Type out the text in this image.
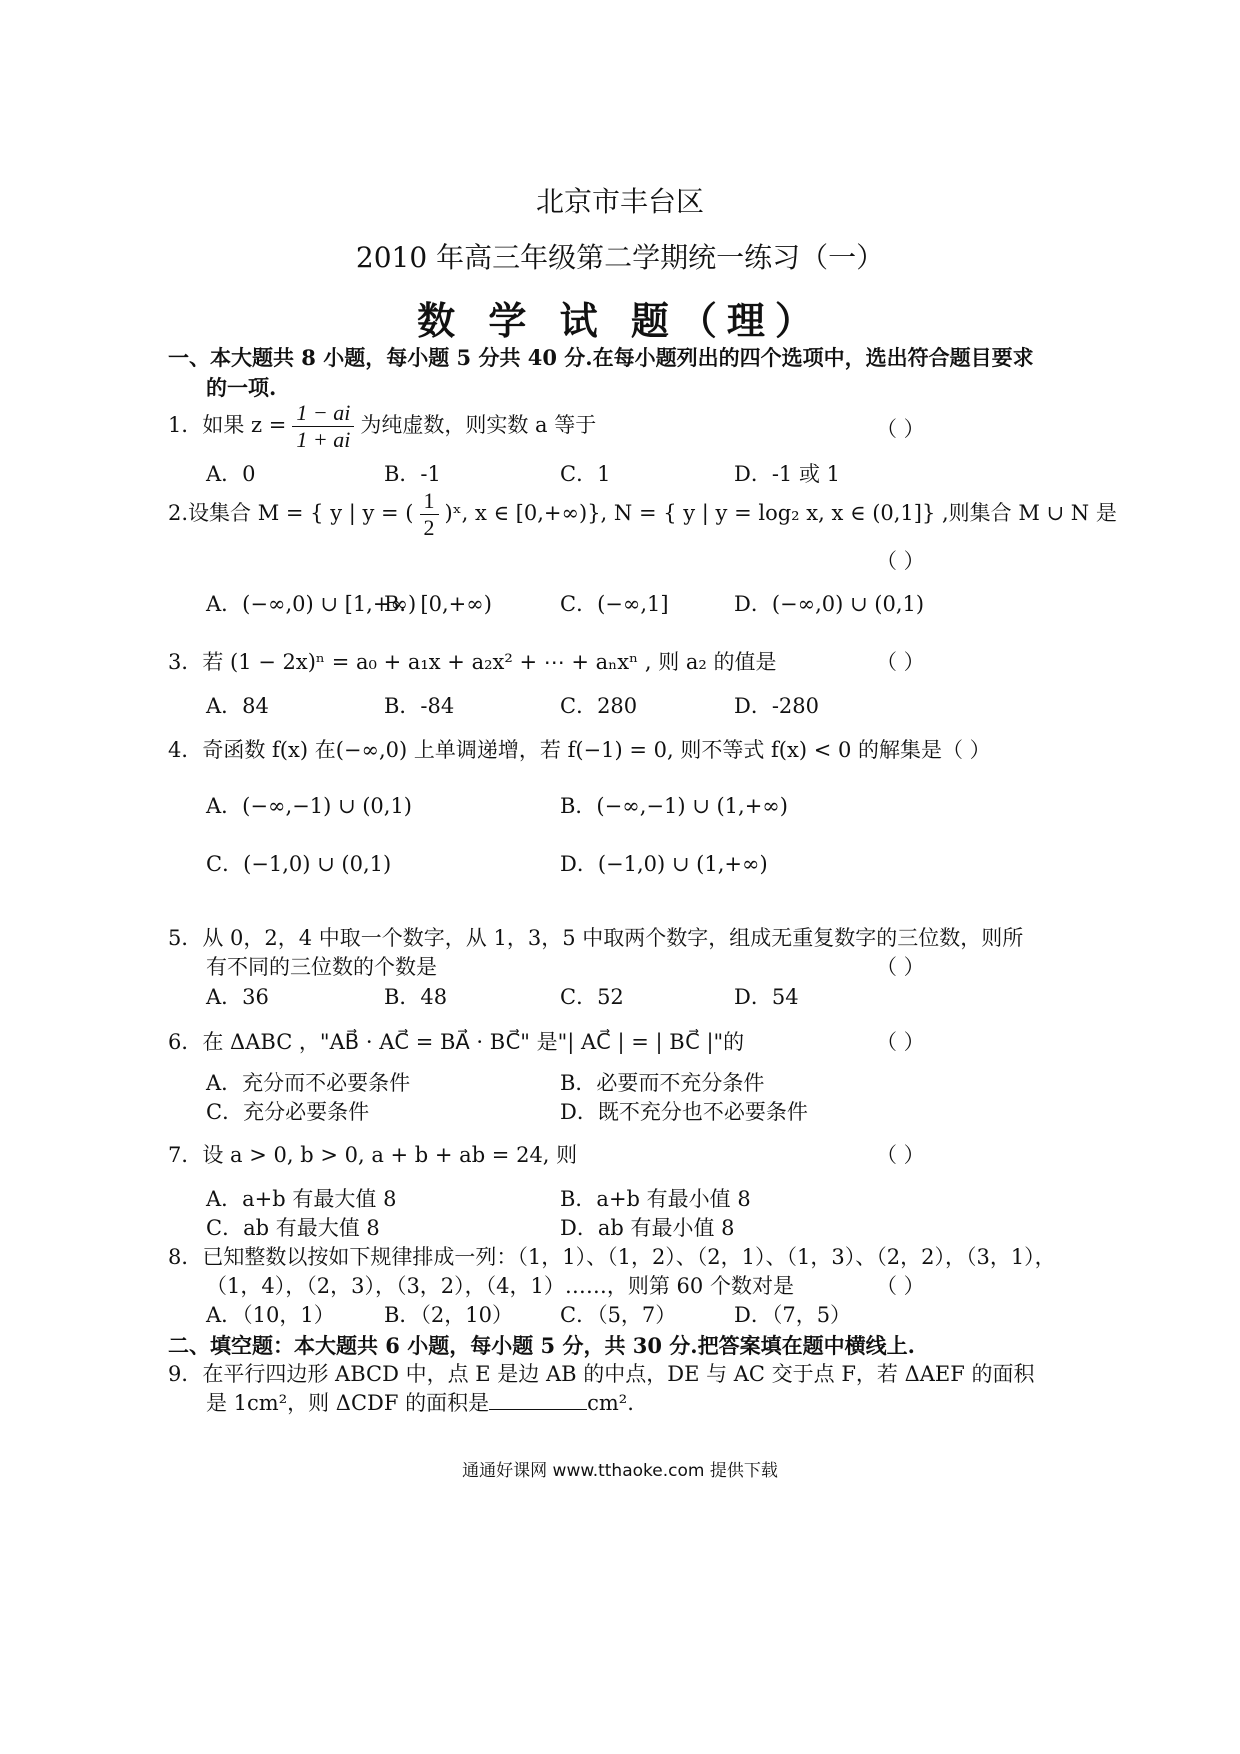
北京市丰台区
2010 年高三年级第二学期统一练习（一）
数 学 试 题（理）
一、本大题共 8 小题，每小题 5 分共 40 分.在每小题列出的四个选项中，选出符合题目要求
的一项.
1．如果 $z = \frac{1 - ai}{1 + ai}$ 为纯虚数，则实数 a 等于	（ ）
A．0	B．-1	C．1	D．-1 或 1
2.设集合 M = { y | y = ( $\frac{1}{2}$ )ˣ, x ∈ [0,+∞)}, N = { y | y = log₂ x, x ∈ (0,1]} ,则集合 M ∪ N 是
（ ）
A．(−∞,0) ∪ [1,+∞)
B．[0,+∞)	C．(−∞,1]	D．(−∞,0) ∪ (0,1)
3．若 (1 − 2x)ⁿ = a₀ + a₁x + a₂x² + ⋯ + aₙxⁿ , 则 a₂ 的值是	（ ）
A．84	B．-84	C．280	D．-280
4．奇函数 f(x) 在(−∞,0) 上单调递增，若 f(−1) = 0, 则不等式 f(x) < 0 的解集是（ ）
A．(−∞,−1) ∪ (0,1)	B．(−∞,−1) ∪ (1,+∞)
C．(−1,0) ∪ (0,1)	D．(−1,0) ∪ (1,+∞)
5．从 0，2，4 中取一个数字，从 1，3，5 中取两个数字，组成无重复数字的三位数，则所
有不同的三位数的个数是	（ ）
A．36	B．48	C．52	D．54
6．在 ΔABC ，"AB⃗ · AC⃗ = BA⃗ · BC⃗" 是"| AC⃗ | = | BC⃗ |"的	（ ）
A．充分而不必要条件	B．必要而不充分条件
C．充分必要条件	D．既不充分也不必要条件
7．设 a > 0, b > 0, a + b + ab = 24, 则	（ ）
A．a+b 有最大值 8	B．a+b 有最小值 8
C．ab 有最大值 8	D．ab 有最小值 8
8．已知整数以按如下规律排成一列：（1，1）、（1，2）、（2，1）、（1，3）、（2，2），（3，1），
（1，4），（2，3），（3，2），（4，1）……，则第 60 个数对是	（ ）
A．（10，1） B．（2，10） C．（5，7）	D．（7，5）
二、填空题：本大题共 6 小题，每小题 5 分，共 30 分.把答案填在题中横线上.
9．在平行四边形 ABCD 中，点 E 是边 AB 的中点，DE 与 AC 交于点 F，若 ΔAEF 的面积
是 1cm²，则 ΔCDF 的面积是	cm².
通通好课网 www.tthaoke.com 提供下载
